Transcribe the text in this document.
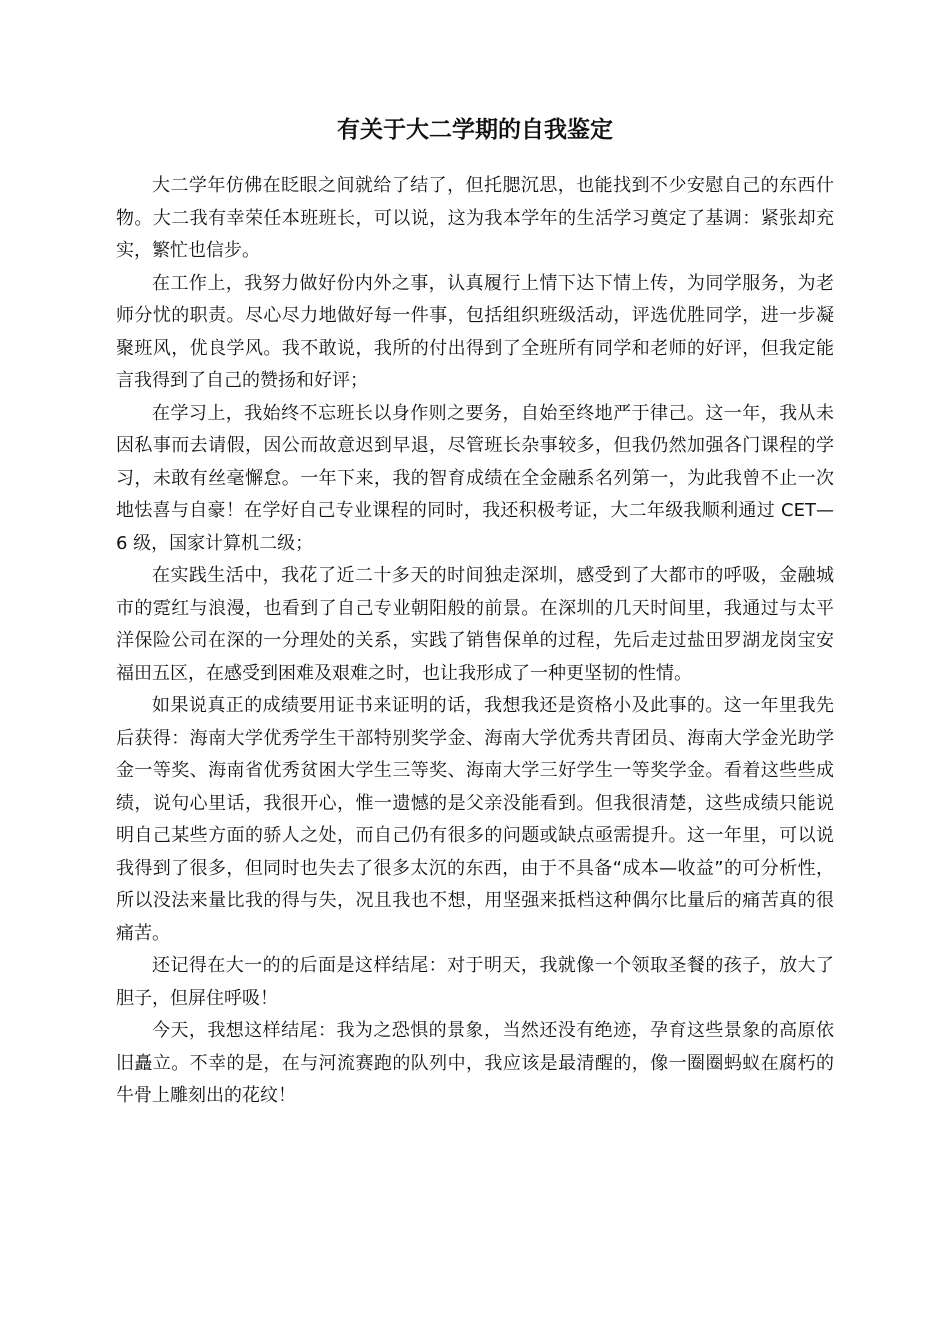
有关于大二学期的自我鉴定

大二学年仿佛在眨眼之间就给了结了，但托腮沉思，也能找到不少安慰自己的东西什物。大二我有幸荣任本班班长，可以说，这为我本学年的生活学习奠定了基调：紧张却充实，繁忙也信步。

在工作上，我努力做好份内外之事，认真履行上情下达下情上传，为同学服务，为老师分忧的职责。尽心尽力地做好每一件事，包括组织班级活动，评选优胜同学，进一步凝聚班风，优良学风。我不敢说，我所的付出得到了全班所有同学和老师的好评，但我定能言我得到了自己的赞扬和好评；

在学习上，我始终不忘班长以身作则之要务，自始至终地严于律己。这一年，我从未因私事而去请假，因公而故意迟到早退，尽管班长杂事较多，但我仍然加强各门课程的学习，未敢有丝毫懈怠。一年下来，我的智育成绩在全金融系名列第一，为此我曾不止一次地怯喜与自豪！在学好自己专业课程的同时，我还积极考证，大二年级我顺利通过 CET—6 级，国家计算机二级；

在实践生活中，我花了近二十多天的时间独走深圳，感受到了大都市的呼吸，金融城市的霓红与浪漫，也看到了自己专业朝阳般的前景。在深圳的几天时间里，我通过与太平洋保险公司在深的一分理处的关系，实践了销售保单的过程，先后走过盐田罗湖龙岗宝安福田五区，在感受到困难及艰难之时，也让我形成了一种更坚韧的性情。

如果说真正的成绩要用证书来证明的话，我想我还是资格小及此事的。这一年里我先后获得：海南大学优秀学生干部特别奖学金、海南大学优秀共青团员、海南大学金光助学金一等奖、海南省优秀贫困大学生三等奖、海南大学三好学生一等奖学金。看着这些些成绩，说句心里话，我很开心，惟一遗憾的是父亲没能看到。但我很清楚，这些成绩只能说明自己某些方面的骄人之处，而自己仍有很多的问题或缺点亟需提升。这一年里，可以说我得到了很多，但同时也失去了很多太沉的东西，由于不具备“成本—收益”的可分析性，所以没法来量比我的得与失，况且我也不想，用坚强来抵档这种偶尔比量后的痛苦真的很痛苦。

还记得在大一的的后面是这样结尾：对于明天，我就像一个领取圣餐的孩子，放大了胆子，但屏住呼吸！

今天，我想这样结尾：我为之恐惧的景象，当然还没有绝迹，孕育这些景象的高原依旧矗立。不幸的是，在与河流赛跑的队列中，我应该是最清醒的，像一圈圈蚂蚁在腐朽的牛骨上雕刻出的花纹！
